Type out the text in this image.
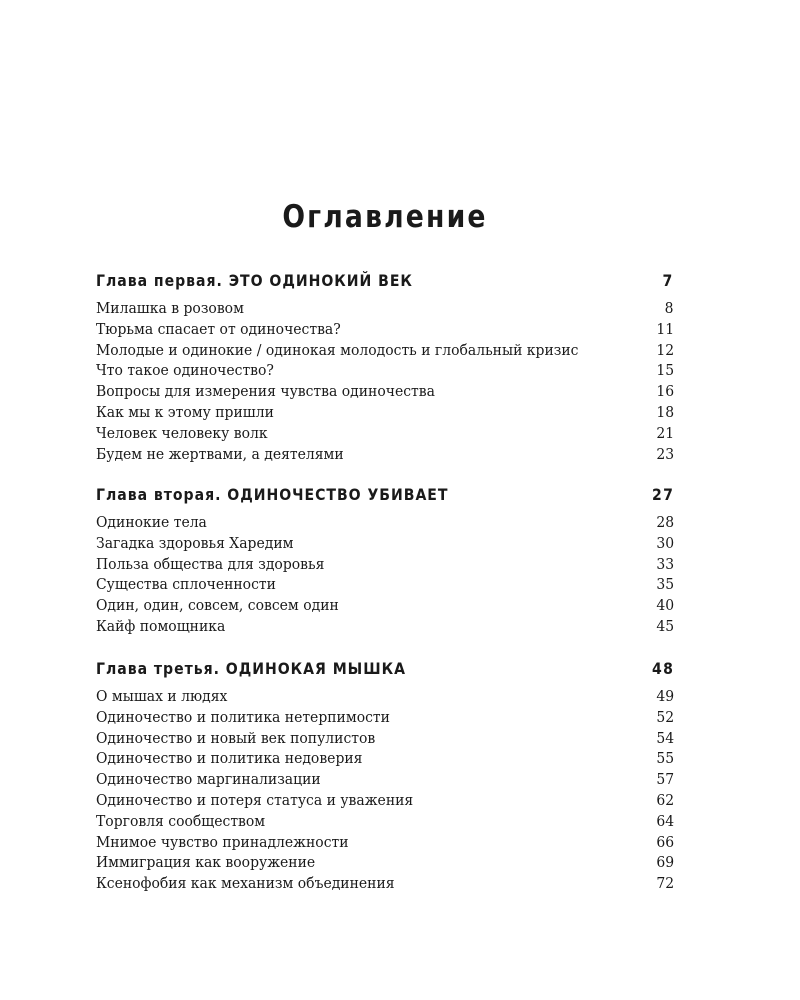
Оглавление
Глава первая. ЭТО ОДИНОКИЙ ВЕК	7
Милашка в розовом	8
Тюрьма спасает от одиночества?	11
Молодые и одинокие / одинокая молодость и глобальный кризис	12
Что такое одиночество?	15
Вопросы для измерения чувства одиночества	16
Как мы к этому пришли	18
Человек человеку волк	21
Будем не жертвами, а деятелями	23
Глава вторая. ОДИНОЧЕСТВО УБИВАЕТ	27
Одинокие тела	28
Загадка здоровья Харедим	30
Польза общества для здоровья	33
Существа сплоченности	35
Один, один, совсем, совсем один	40
Кайф помощника	45
Глава третья. ОДИНОКАЯ МЫШКА	48
О мышах и людях	49
Одиночество и политика нетерпимости	52
Одиночество и новый век популистов	54
Одиночество и политика недоверия	55
Одиночество маргинализации	57
Одиночество и потеря статуса и уважения	62
Торговля сообществом	64
Мнимое чувство принадлежности	66
Иммиграция как вооружение	69
Ксенофобия как механизм объединения	72
